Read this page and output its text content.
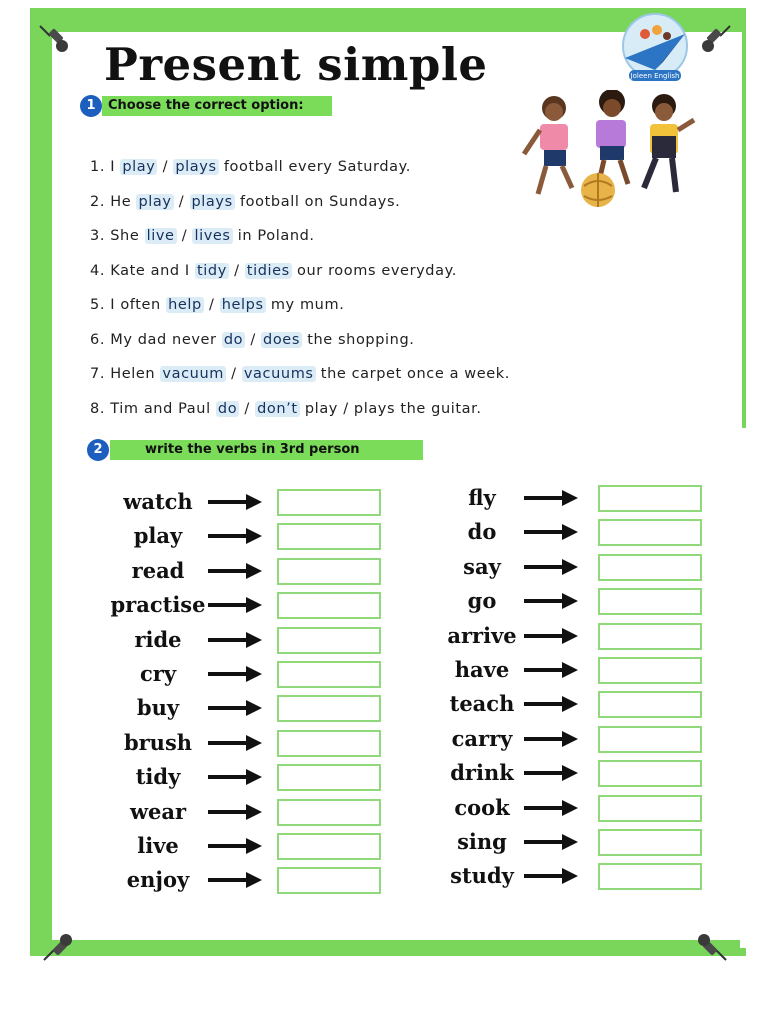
Joleen English
Present simple
1 Choose the correct option:
1. I play / plays football every Saturday.
2. He play / plays football on Sundays.
3. She live / lives in Poland.
4. Kate and I tidy / tidies our rooms everyday.
5. I often help / helps my mum.
6. My dad never do / does the shopping.
7. Helen vacuum / vacuums the carpet once a week.
8. Tim and Paul do / don’t play / plays the guitar.
2	write the verbs in 3rd person
watch
play
read
practise
ride
cry
buy
brush
tidy
wear
live
enjoy
fly
do
say
go
arrive
have
teach
carry
drink
cook
sing
study
